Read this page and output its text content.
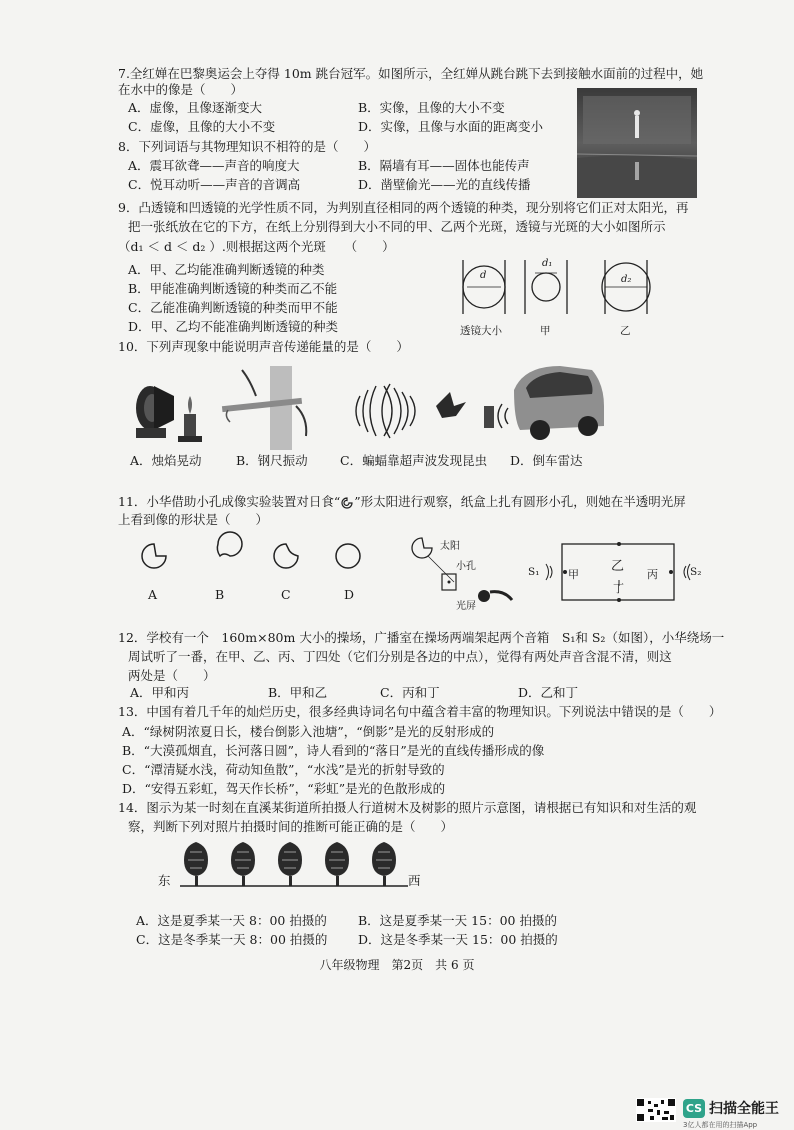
7.全红婵在巴黎奥运会上夺得 10m 跳台冠军。如图所示，全红婵从跳台跳下去到接触水面前的过程中，她
在水中的像是（　　）
A．虚像，且像逐渐变大	B．实像，且像的大小不变
C．虚像，且像的大小不变	D．实像，且像与水面的距离变小
8．下列词语与其物理知识不相符的是（　　）
A．震耳欲聋——声音的响度大	B．隔墙有耳——固体也能传声
C．悦耳动听——声音的音调高	D．凿壁偷光——光的直线传播
9．凸透镜和凹透镜的光学性质不同，为判别直径相同的两个透镜的种类，现分别将它们正对太阳光，再
把一张纸放在它的下方，在纸上分别得到大小不同的甲、乙两个光斑，透镜与光斑的大小如图所示
（d₁ ＜ d ＜ d₂ ）.则根据这两个光斑　　（　　）
A．甲、乙均能准确判断透镜的种类
B．甲能准确判断透镜的种类而乙不能
C．乙能准确判断透镜的种类而甲不能
D．甲、乙均不能准确判断透镜的种类
d
d₁
d₂
透镜大小	甲	乙
10．下列声现象中能说明声音传递能量的是（　　）
A．烛焰晃动	B．钢尺振动	C．蝙蝠靠超声波发现昆虫 D．倒车雷达
11．小华借助小孔成像实验装置对日食“ ”形太阳进行观察，纸盒上扎有圆形小孔，则她在半透明光屏
上看到像的形状是（　　）
A	B	C	D
太阳
小孔
光屏
S₁	S₂
甲
乙
丙
丁
12．学校有一个　160m×80m 大小的操场，广播室在操场两端架起两个音箱　S₁和 S₂（如图），小华绕场一
周试听了一番，在甲、乙、丙、丁四处（它们分别是各边的中点），觉得有两处声音含混不清，则这
两处是（　　）
A．甲和丙	B．甲和乙	C．丙和丁	D．乙和丁
13．中国有着几千年的灿烂历史，很多经典诗词名句中蕴含着丰富的物理知识。下列说法中错误的是（　　）
A．“绿树阴浓夏日长，楼台倒影入池塘”，“倒影”是光的反射形成的
B．“大漠孤烟直，长河落日圆”，诗人看到的“落日”是光的直线传播形成的像
C．“潭清疑水浅，荷动知鱼散”，“水浅”是光的折射导致的
D．“安得五彩虹，驾天作长桥”，“彩虹”是光的色散形成的
14．图示为某一时刻在直溪某街道所拍摄人行道树木及树影的照片示意图，请根据已有知识和对生活的观
察，判断下列对照片拍摄时间的推断可能正确的是（　　）
东	西
A．这是夏季某一天 8：00 拍摄的 B．这是夏季某一天 15：00 拍摄的
C．这是冬季某一天 8：00 拍摄的 D．这是冬季某一天 15：00 拍摄的
八年级物理　第2页　共 6 页
CS 扫描全能王
3亿人都在用的扫描App
